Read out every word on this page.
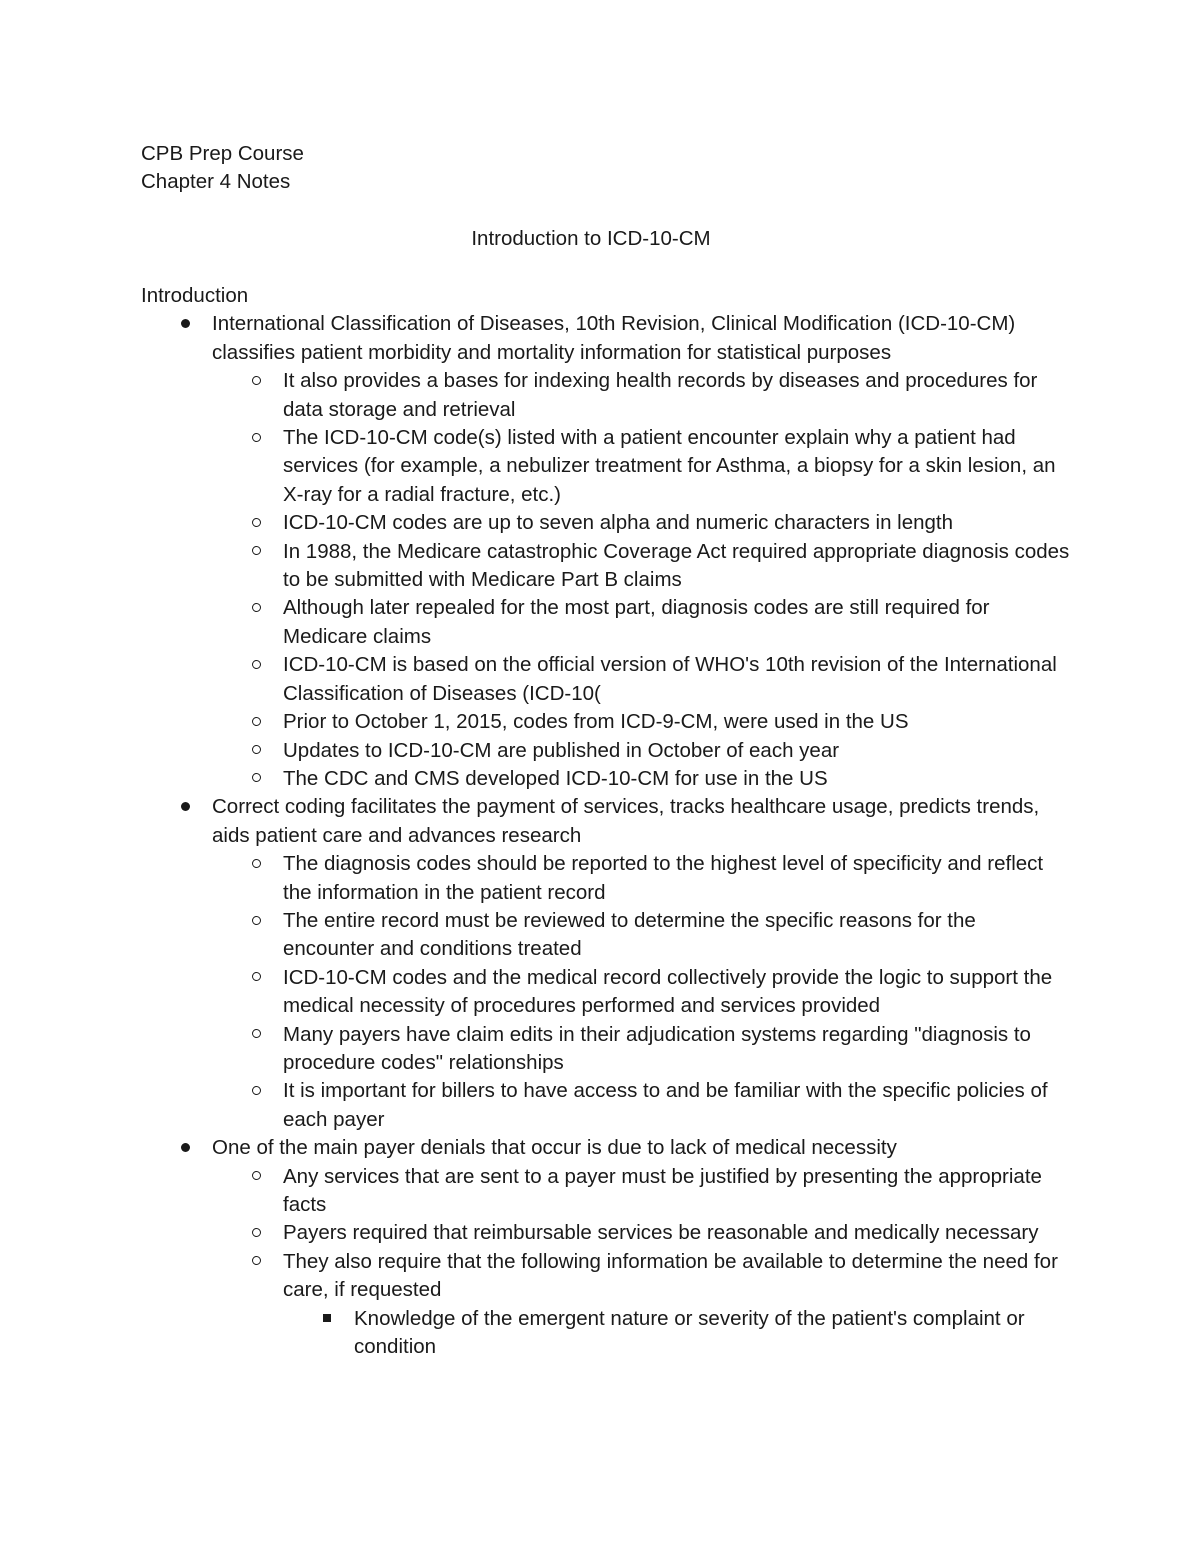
CPB Prep Course
Chapter 4 Notes
Introduction to ICD-10-CM
Introduction
International Classification of Diseases, 10th Revision, Clinical Modification (ICD-10-CM) classifies patient morbidity and mortality information for statistical purposes
It also provides a bases for indexing health records by diseases and procedures for data storage and retrieval
The ICD-10-CM code(s) listed with a patient encounter explain why a patient had services (for example, a nebulizer treatment for Asthma, a biopsy for a skin lesion, an X-ray for a radial fracture, etc.)
ICD-10-CM codes are up to seven alpha and numeric characters in length
In 1988, the Medicare catastrophic Coverage Act required appropriate diagnosis codes to be submitted with Medicare Part B claims
Although later repealed for the most part, diagnosis codes are still required for Medicare claims
ICD-10-CM is based on the official version of WHO's 10th revision of the International Classification of Diseases (ICD-10(
Prior to October 1, 2015, codes from ICD-9-CM, were used in the US
Updates to ICD-10-CM are published in October of each year
The CDC and CMS developed ICD-10-CM for use in the US
Correct coding facilitates the payment of services, tracks healthcare usage, predicts trends, aids patient care and advances research
The diagnosis codes should be reported to the highest level of specificity and reflect the information in the patient record
The entire record must be reviewed to determine the specific reasons for the encounter and conditions treated
ICD-10-CM codes and the medical record collectively provide the logic to support the medical necessity of procedures performed and services provided
Many payers have claim edits in their adjudication systems regarding "diagnosis to procedure codes" relationships
It is important for billers to have access to and be familiar with the specific policies of each payer
One of the main payer denials that occur is due to lack of medical necessity
Any services that are sent to a payer must be justified by presenting the appropriate facts
Payers required that reimbursable services be reasonable and medically necessary
They also require that the following information be available to determine the need for care, if requested
Knowledge of the emergent nature or severity of the patient's complaint or condition
